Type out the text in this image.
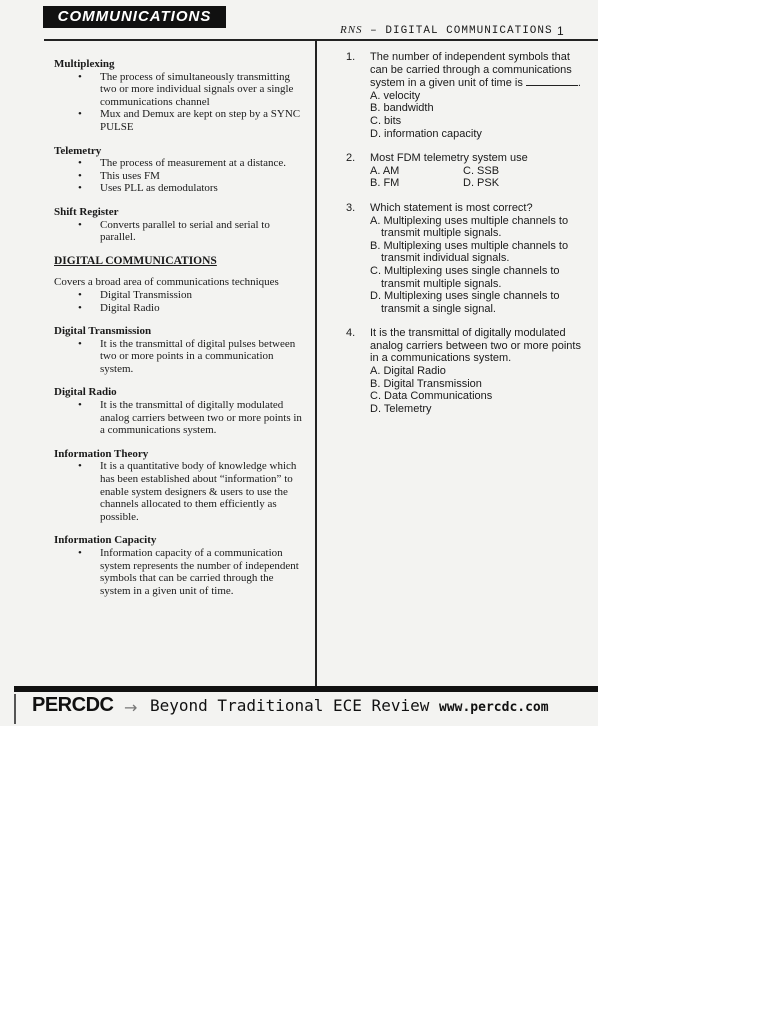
COMMUNICATIONS
RNS – DIGITAL COMMUNICATIONS 1

Multiplexing

• The process of simultaneously transmitting two or more individual signals over a single communications channel
• Mux and Demux are kept on step by a SYNC PULSE

Telemetry

• The process of measurement at a distance.
• This uses FM
• Uses PLL as demodulators

Shift Register

• Converts parallel to serial and serial to parallel.

DIGITAL COMMUNICATIONS

Covers a broad area of communications techniques

• Digital Transmission
• Digital Radio

Digital Transmission

• It is the transmittal of digital pulses between two or more points in a communication system.

Digital Radio

• It is the transmittal of digitally modulated analog carriers between two or more points in a communications system.

Information Theory

• It is a quantitative body of knowledge which has been established about “information” to enable system designers & users to use the channels allocated to them efficiently as possible.

Information Capacity

• Information capacity of a communication system represents the number of independent symbols that can be carried through the system in a given unit of time.
1. The number of independent symbols that can be carried through a communications system in a given unit of time is	.
A. velocity
B. bandwidth
C. bits
D. information capacity
2. Most FDM telemetry system use
A. AM	C. SSB
B. FM	D. PSK
3. Which statement is most correct?
A. Multiplexing uses multiple channels to transmit multiple signals.
B. Multiplexing uses multiple channels to transmit individual signals.
C. Multiplexing uses single channels to transmit multiple signals.
D. Multiplexing uses single channels to transmit a single signal.
4. It is the transmittal of digitally modulated analog carriers between two or more points in a communications system.
A. Digital Radio
B. Digital Transmission
C. Data Communications
D. Telemetry
PERCDC → Beyond Traditional ECE Review www.percdc.com
